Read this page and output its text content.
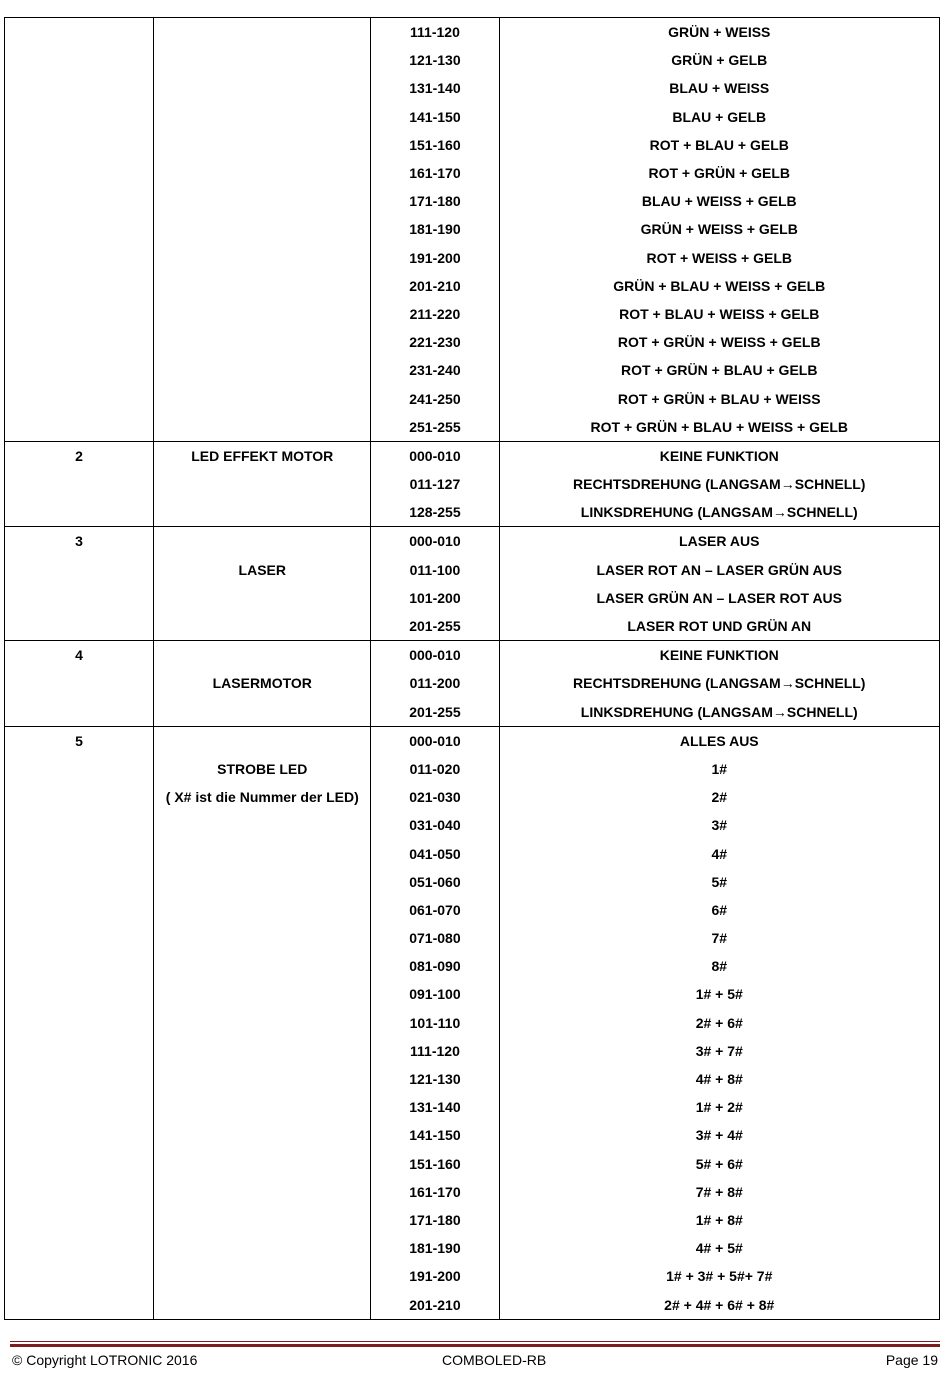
		111-120	GRÜN + WEISS
		121-130	GRÜN + GELB
		131-140	BLAU + WEISS
		141-150	BLAU + GELB
		151-160	ROT + BLAU + GELB
		161-170	ROT + GRÜN + GELB
		171-180	BLAU + WEISS + GELB
		181-190	GRÜN + WEISS + GELB
		191-200	ROT + WEISS + GELB
		201-210	GRÜN + BLAU + WEISS + GELB
		211-220	ROT + BLAU + WEISS + GELB
		221-230	ROT + GRÜN + WEISS + GELB
		231-240	ROT + GRÜN + BLAU + GELB
		241-250	ROT + GRÜN + BLAU + WEISS
		251-255	ROT + GRÜN + BLAU + WEISS + GELB
2	LED EFFEKT MOTOR	000-010	KEINE FUNKTION
		011-127	RECHTSDREHUNG (LANGSAM→SCHNELL)
		128-255	LINKSDREHUNG (LANGSAM→SCHNELL)
3		000-010	LASER AUS
	LASER	011-100	LASER ROT AN – LASER GRÜN AUS
		101-200	LASER GRÜN AN – LASER ROT AUS
		201-255	LASER ROT UND GRÜN AN
4		000-010	KEINE FUNKTION
	LASERMOTOR	011-200	RECHTSDREHUNG (LANGSAM→SCHNELL)
		201-255	LINKSDREHUNG (LANGSAM→SCHNELL)
5		000-010	ALLES AUS
	STROBE LED	011-020	1#
	( X# ist die Nummer der LED)	021-030	2#
		031-040	3#
		041-050	4#
		051-060	5#
		061-070	6#
		071-080	7#
		081-090	8#
		091-100	1# + 5#
		101-110	2# + 6#
		111-120	3# + 7#
		121-130	4# + 8#
		131-140	1# + 2#
		141-150	3# + 4#
		151-160	5# + 6#
		161-170	7# + 8#
		171-180	1# + 8#
		181-190	4# + 5#
		191-200	1# + 3# + 5#+ 7#
		201-210	2# + 4# + 6# + 8#
© Copyright LOTRONIC 2016	COMBOLED-RB	Page 19
